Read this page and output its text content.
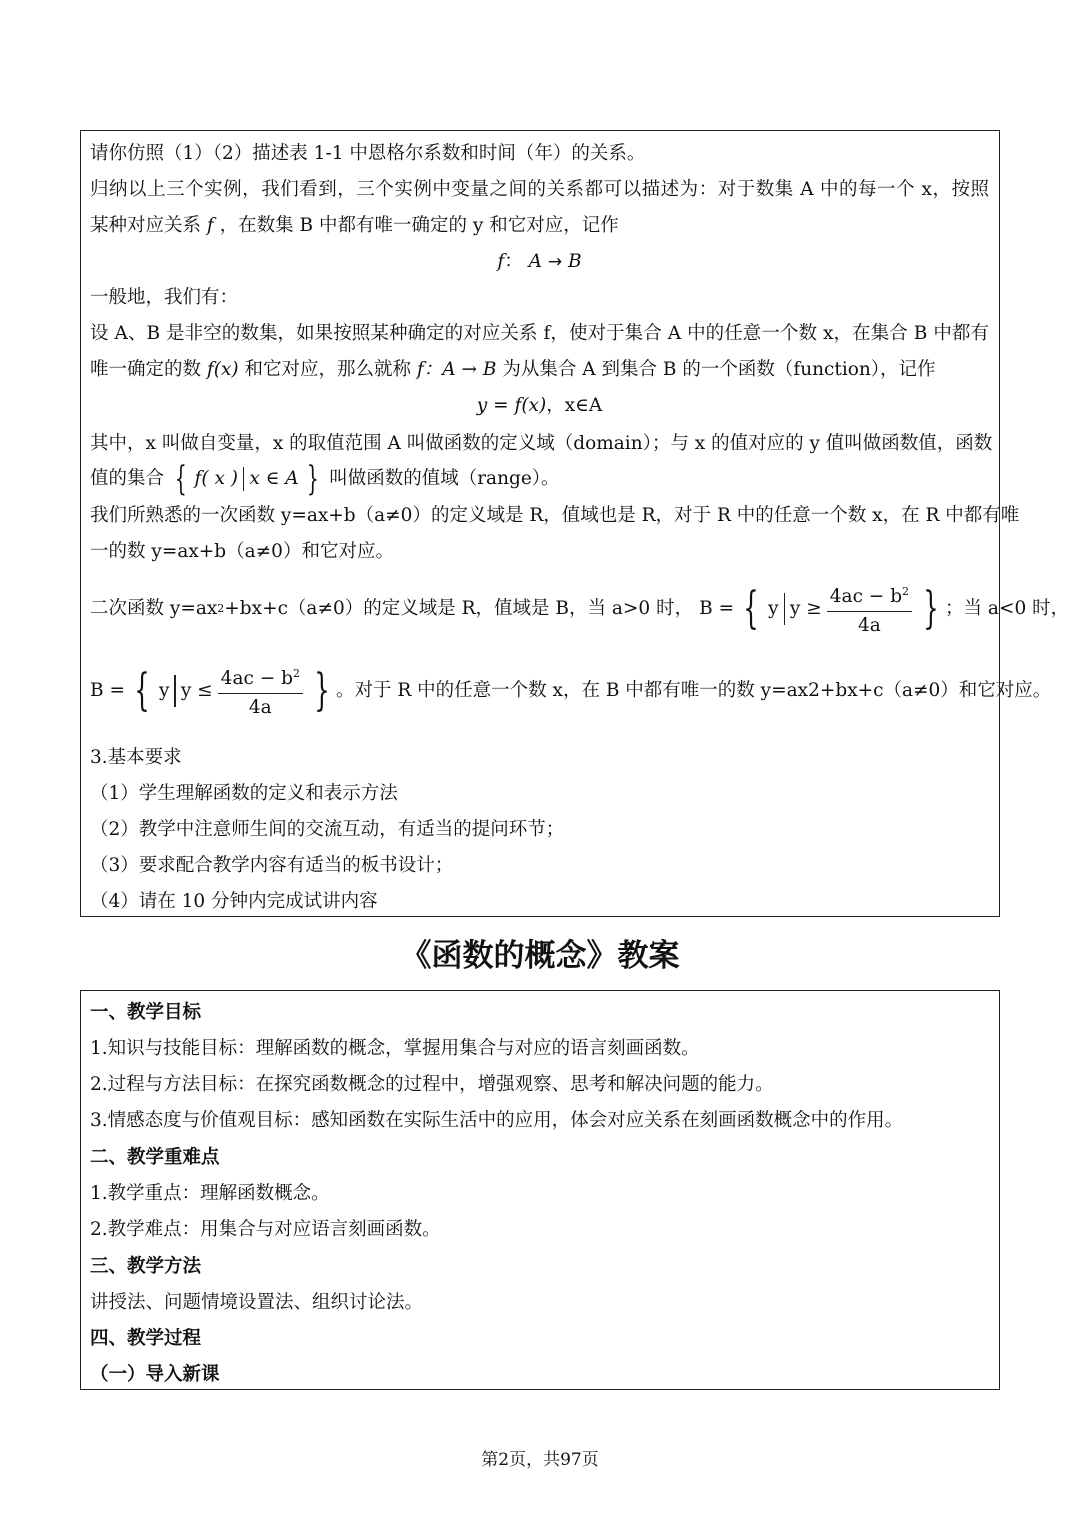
请你仿照（1）（2）描述表 1-1 中恩格尔系数和时间（年）的关系。
归纳以上三个实例，我们看到，三个实例中变量之间的关系都可以描述为：对于数集 A 中的每一个 x，按照
某种对应关系 f ，在数集 B 中都有唯一确定的 y 和它对应，记作
f： A → B
一般地，我们有：
设 A、B 是非空的数集，如果按照某种确定的对应关系 f，使对于集合 A 中的任意一个数 x，在集合 B 中都有
唯一确定的数 f(x) 和它对应，那么就称 f：A → B 为从集合 A 到集合 B 的一个函数（function），记作
y = f(x)，x∈A
其中，x 叫做自变量，x 的取值范围 A 叫做函数的定义域（domain）；与 x 的值对应的 y 值叫做函数值，函数
值的集合 { f( x ) x ∈ A } 叫做函数的值域（range）。
我们所熟悉的一次函数 y=ax+b（a≠0）的定义域是 R，值域也是 R，对于 R 中的任意一个数 x，在 R 中都有唯
一的数 y=ax+b（a≠0）和它对应。
二次函数 y=ax 2 +bx+c（a≠0）的定义域是 R，值域是 B，当 a>0 时， B = { y $y \ge \frac{4ac - b^2}{4a}$ } ；当 a<0 时，
B = { y $y \le \frac{4ac - b^2}{4a}$ } 。对于 R 中的任意一个数 x，在 B 中都有唯一的数 y=ax2+bx+c（a≠0）和它对应。
3.基本要求
（1）学生理解函数的定义和表示方法
（2）教学中注意师生间的交流互动，有适当的提问环节；
（3）要求配合教学内容有适当的板书设计；
（4）请在 10 分钟内完成试讲内容
《函数的概念》教案
一、教学目标
1.知识与技能目标：理解函数的概念，掌握用集合与对应的语言刻画函数。
2.过程与方法目标：在探究函数概念的过程中，增强观察、思考和解决问题的能力。
3.情感态度与价值观目标：感知函数在实际生活中的应用，体会对应关系在刻画函数概念中的作用。
二、教学重难点
1.教学重点：理解函数概念。
2.教学难点：用集合与对应语言刻画函数。
三、教学方法
讲授法、问题情境设置法、组织讨论法。
四、教学过程
（一）导入新课
第2页，共97页
